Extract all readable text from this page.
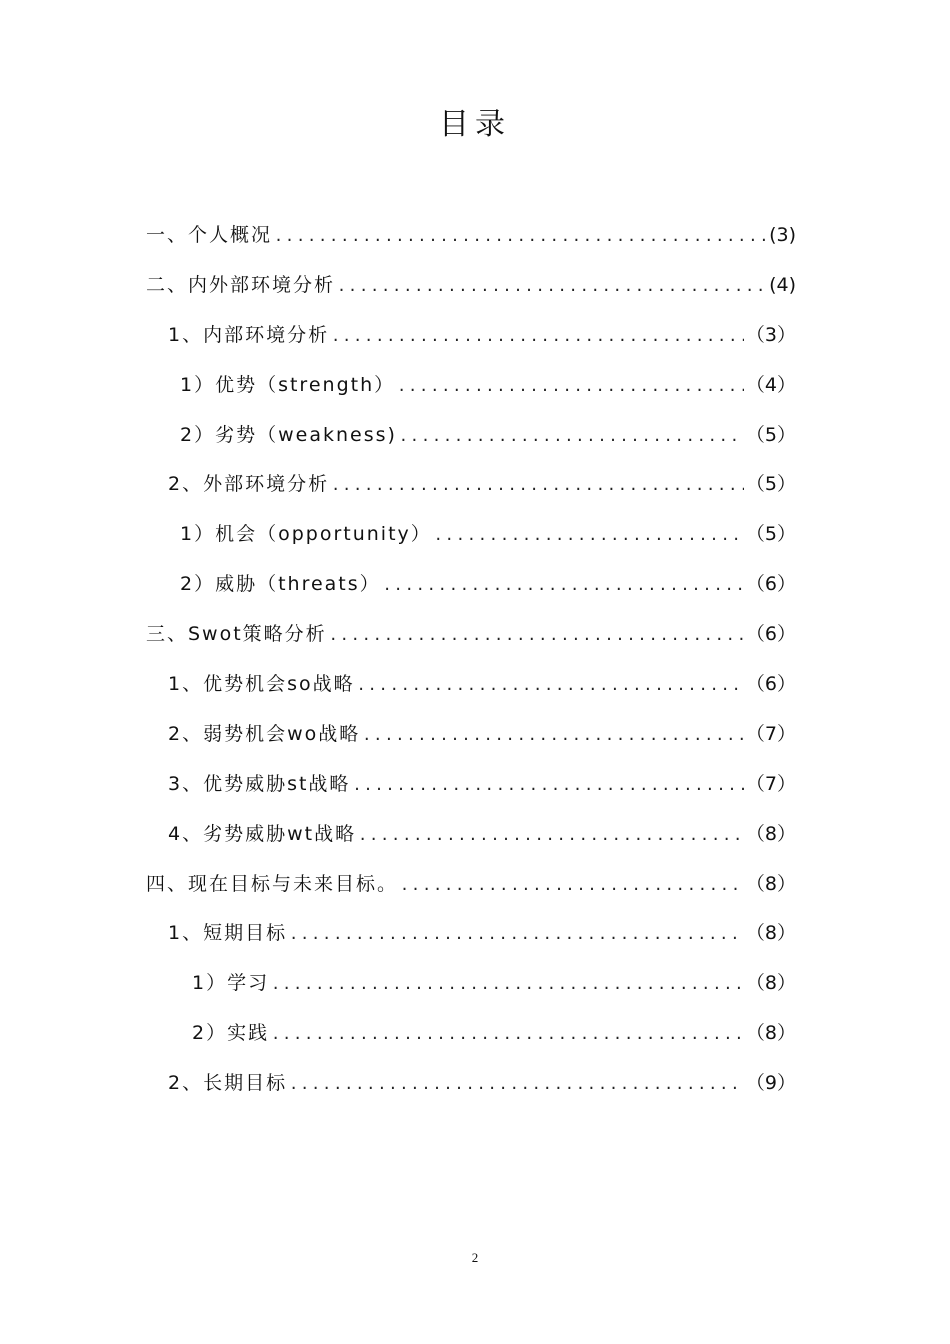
目录
一、个人概况 .....	(3)
二、内外部环境分析 .....	(4)
1、内部环境分析 .....	（3）
1）优势（strength） .....	（4）
2）劣势（weakness) .....	（5）
2、外部环境分析 .....	（5）
1）机会（opportunity） .....	（5）
2）威胁（threats） .....	（6）
三、Swot策略分析 .....	（6）
1、优势机会so战略 .....	（6）
2、弱势机会wo战略 .....	（7）
3、优势威胁st战略 .....	（7）
4、劣势威胁wt战略 .....	（8）
四、现在目标与未来目标。 .....	（8）
1、短期目标 .....	（8）
1）学习 .....	（8）
2）实践 .....	（8）
2、长期目标 .....	（9）
2
